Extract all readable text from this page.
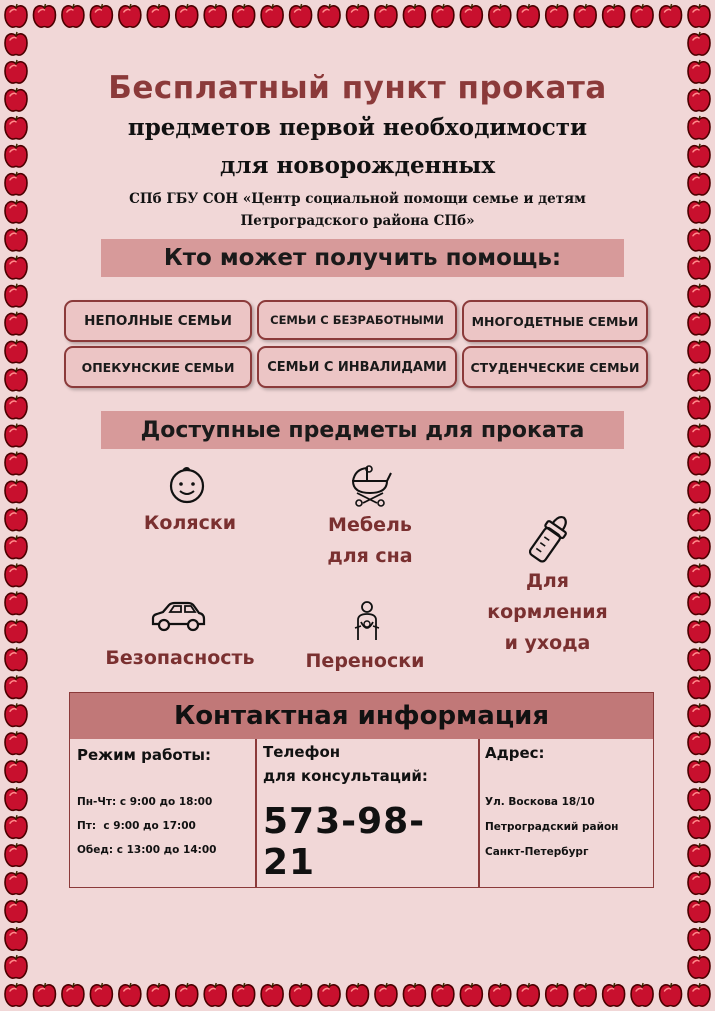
Бесплатный пункт проката
предметов первой необходимости
для новорожденных
СПб ГБУ СОН «Центр социальной помощи семье и детям
Петроградского района СПб»
Кто может получить помощь:
НЕПОЛНЫЕ СЕМЬИ	СЕМЬИ С БЕЗРАБОТНЫМИ	МНОГОДЕТНЫЕ СЕМЬИ
ОПЕКУНСКИЕ СЕМЬИ	СЕМЬИ С ИНВАЛИДАМИ	СТУДЕНЧЕСКИЕ СЕМЬИ
Доступные предметы для проката
Коляски	Мебель
для сна
Для
кормления
и ухода
Безопасность	Переноски
Контактная информация
Режим работы:
Пн-Чт: с 9:00 до 18:00
Пт:  с 9:00 до 17:00
Обед: с 13:00 до 14:00
Телефон
для консультаций:
573-98-21
Адрес:
Ул. Воскова 18/10
Петроградский район
Санкт-Петербург
